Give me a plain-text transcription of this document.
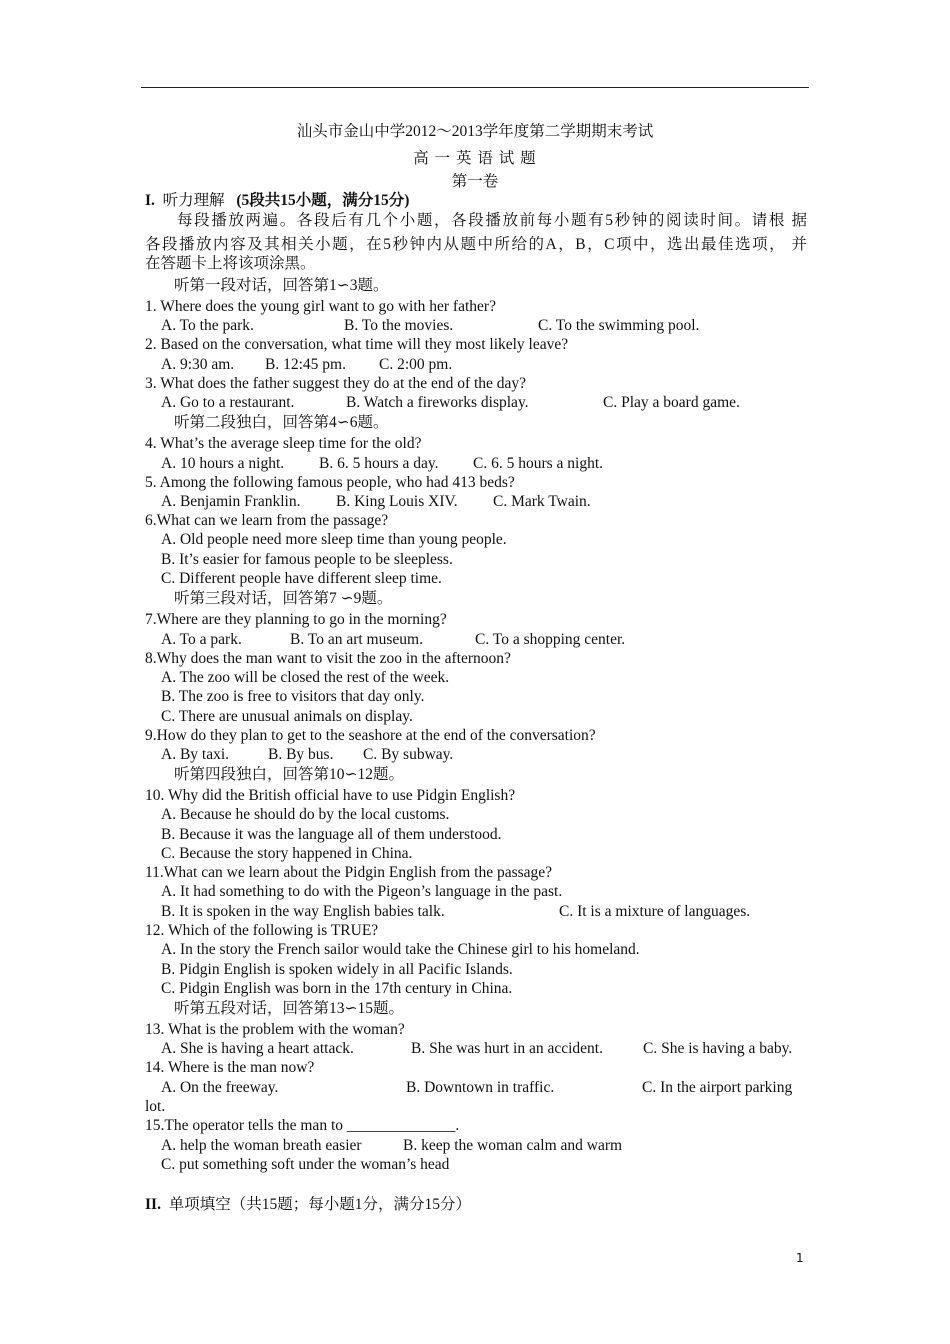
汕头市金山中学2012～2013学年度第二学期期末考试
高 一 英 语 试 题
第一卷
I. 听力理解 (5段共15小题，满分15分)
每段播放两遍。各段后有几个小题，各段播放前每小题有5秒钟的阅读时间。请根 据
各段播放内容及其相关小题，在5秒钟内从题中所给的A，B，C项中，选出最佳选项， 并
在答题卡上将该项涂黑。
听第一段对话，回答第1∽3题。
1. Where does the young girl want to go with her father?
A. To the park.	B. To the movies.	C. To the swimming pool.
2. Based on the conversation, what time will they most likely leave?
A. 9:30 am. B. 12:45 pm. C. 2:00 pm.
3. What does the father suggest they do at the end of the day?
A. Go to a restaurant.	B. Watch a fireworks display.	C. Play a board game.
听第二段独白，回答第4∽6题。
4. What’s the average sleep time for the old?
A. 10 hours a night. B. 6. 5 hours a day. C. 6. 5 hours a night.
5. Among the following famous people, who had 413 beds?
A. Benjamin Franklin. B. King Louis XIV. C. Mark Twain.
6.What can we learn from the passage?
A. Old people need more sleep time than young people.
B. It’s easier for famous people to be sleepless.
C. Different people have different sleep time.
听第三段对话，回答第7 ∽9题。
7.Where are they planning to go in the morning?
A. To a park.	B. To an art museum.	C. To a shopping center.
8.Why does the man want to visit the zoo in the afternoon?
A. The zoo will be closed the rest of the week.
B. The zoo is free to visitors that day only.
C. There are unusual animals on display.
9.How do they plan to get to the seashore at the end of the conversation?
A. By taxi.	B. By bus. C. By subway.
听第四段独白，回答第10∽12题。
10. Why did the British official have to use Pidgin English?
A. Because he should do by the local customs.
B. Because it was the language all of them understood.
C. Because the story happened in China.
11.What can we learn about the Pidgin English from the passage?
A. It had something to do with the Pigeon’s language in the past.
B. It is spoken in the way English babies talk.	C. It is a mixture of languages.
12. Which of the following is TRUE?
A. In the story the French sailor would take the Chinese girl to his homeland.
B. Pidgin English is spoken widely in all Pacific Islands.
C. Pidgin English was born in the 17th century in China.
听第五段对话，回答第13∽15题。
13. What is the problem with the woman?
A. She is having a heart attack.	B. She was hurt in an accident.	C. She is having a baby.
14. Where is the man now?
A. On the freeway.	B. Downtown in traffic.	C. In the airport parking
lot.
15.The operator tells the man to ______________.
A. help the woman breath easier	B. keep the woman calm and warm
C. put something soft under the woman’s head
II. 单项填空（共15题；每小题1分，满分15分）
1
